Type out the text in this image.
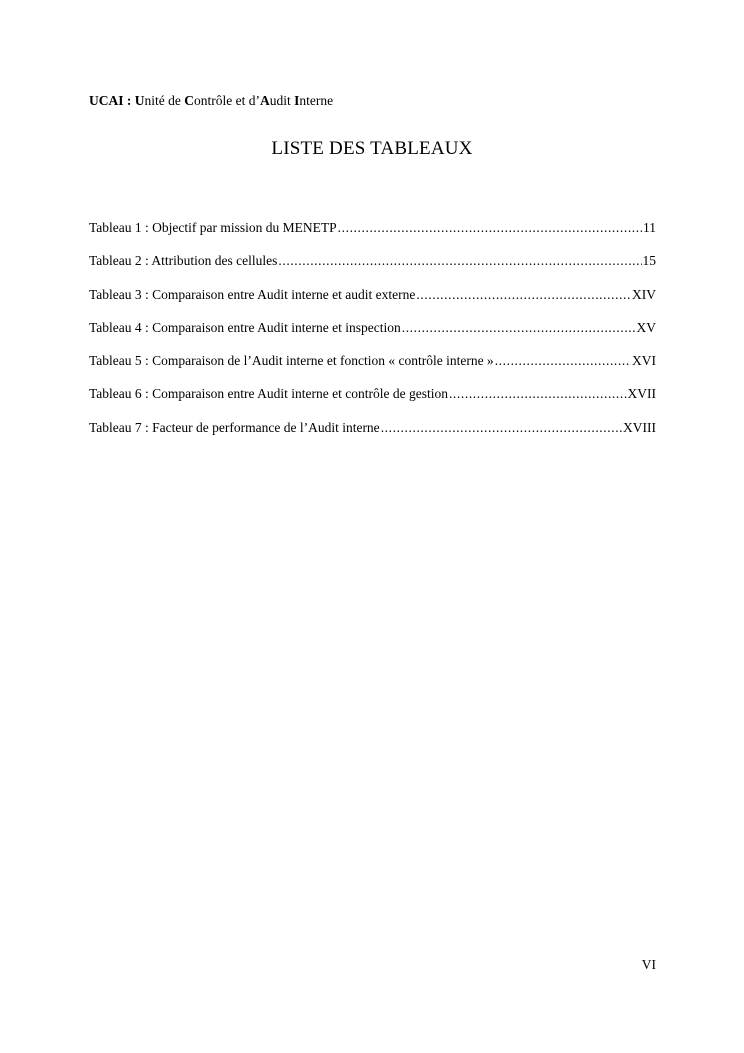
UCAI : Unité de Contrôle et d’Audit Interne
LISTE DES TABLEAUX
Tableau 1 : Objectif par mission du MENETP .....	11
Tableau 2 : Attribution des cellules .....	15
Tableau 3 : Comparaison entre Audit interne et audit externe .....	XIV
Tableau 4 : Comparaison entre Audit interne et inspection .....	XV
Tableau 5 : Comparaison de l’Audit interne et fonction « contrôle interne » .....	XVI
Tableau 6 : Comparaison entre Audit interne et contrôle de gestion .....	XVII
Tableau 7 : Facteur de performance de l’Audit interne .....	XVIII
VI
